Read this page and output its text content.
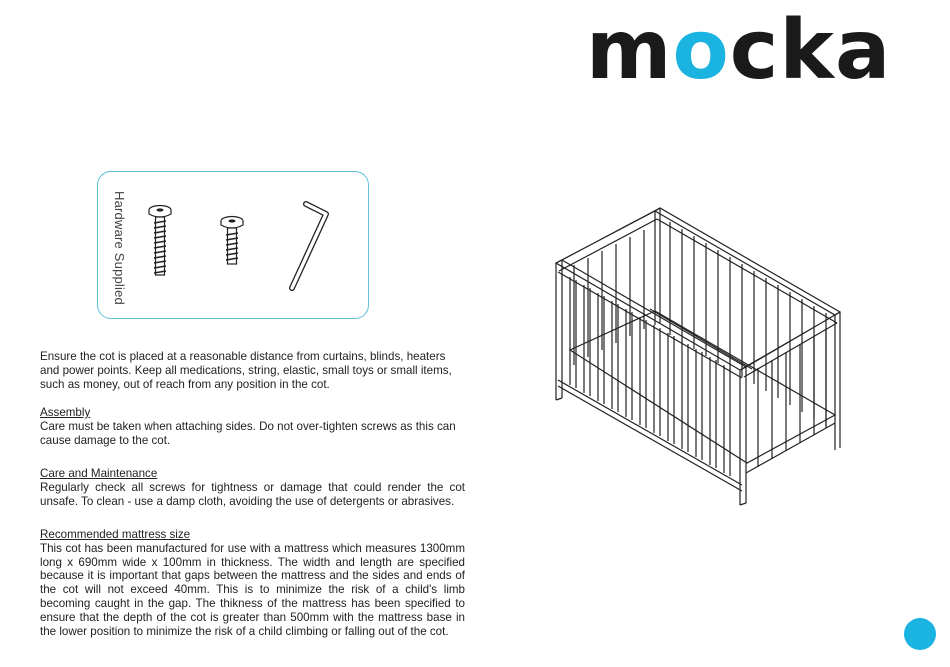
mocka
Hardware Supplied

Ensure the cot is placed at a reasonable distance from curtains, blinds, heaters and power points. Keep all medications, string, elastic, small toys or small items, such as money, out of reach from any position in the cot.

Assembly

Care must be taken when attaching sides. Do not over-tighten screws as this can cause damage to the cot.

Care and Maintenance

Regularly check all screws for tightness or damage that could render the cot unsafe. To clean - use a damp cloth, avoiding the use of detergents or abrasives.

Recommended mattress size

This cot has been manufactured for use with a mattress which measures 1300mm long x 690mm wide x 100mm in thickness. The width and length are specified because it is important that gaps between the mattress and the sides and ends of the cot will not exceed 40mm. This is to minimize the risk of a child's limb becoming caught in the gap. The thikness of the mattress has been specified to ensure that the depth of the cot is greater than 500mm with the mattress base in the lower position to minimize the risk of a child climbing or falling out of the cot.
